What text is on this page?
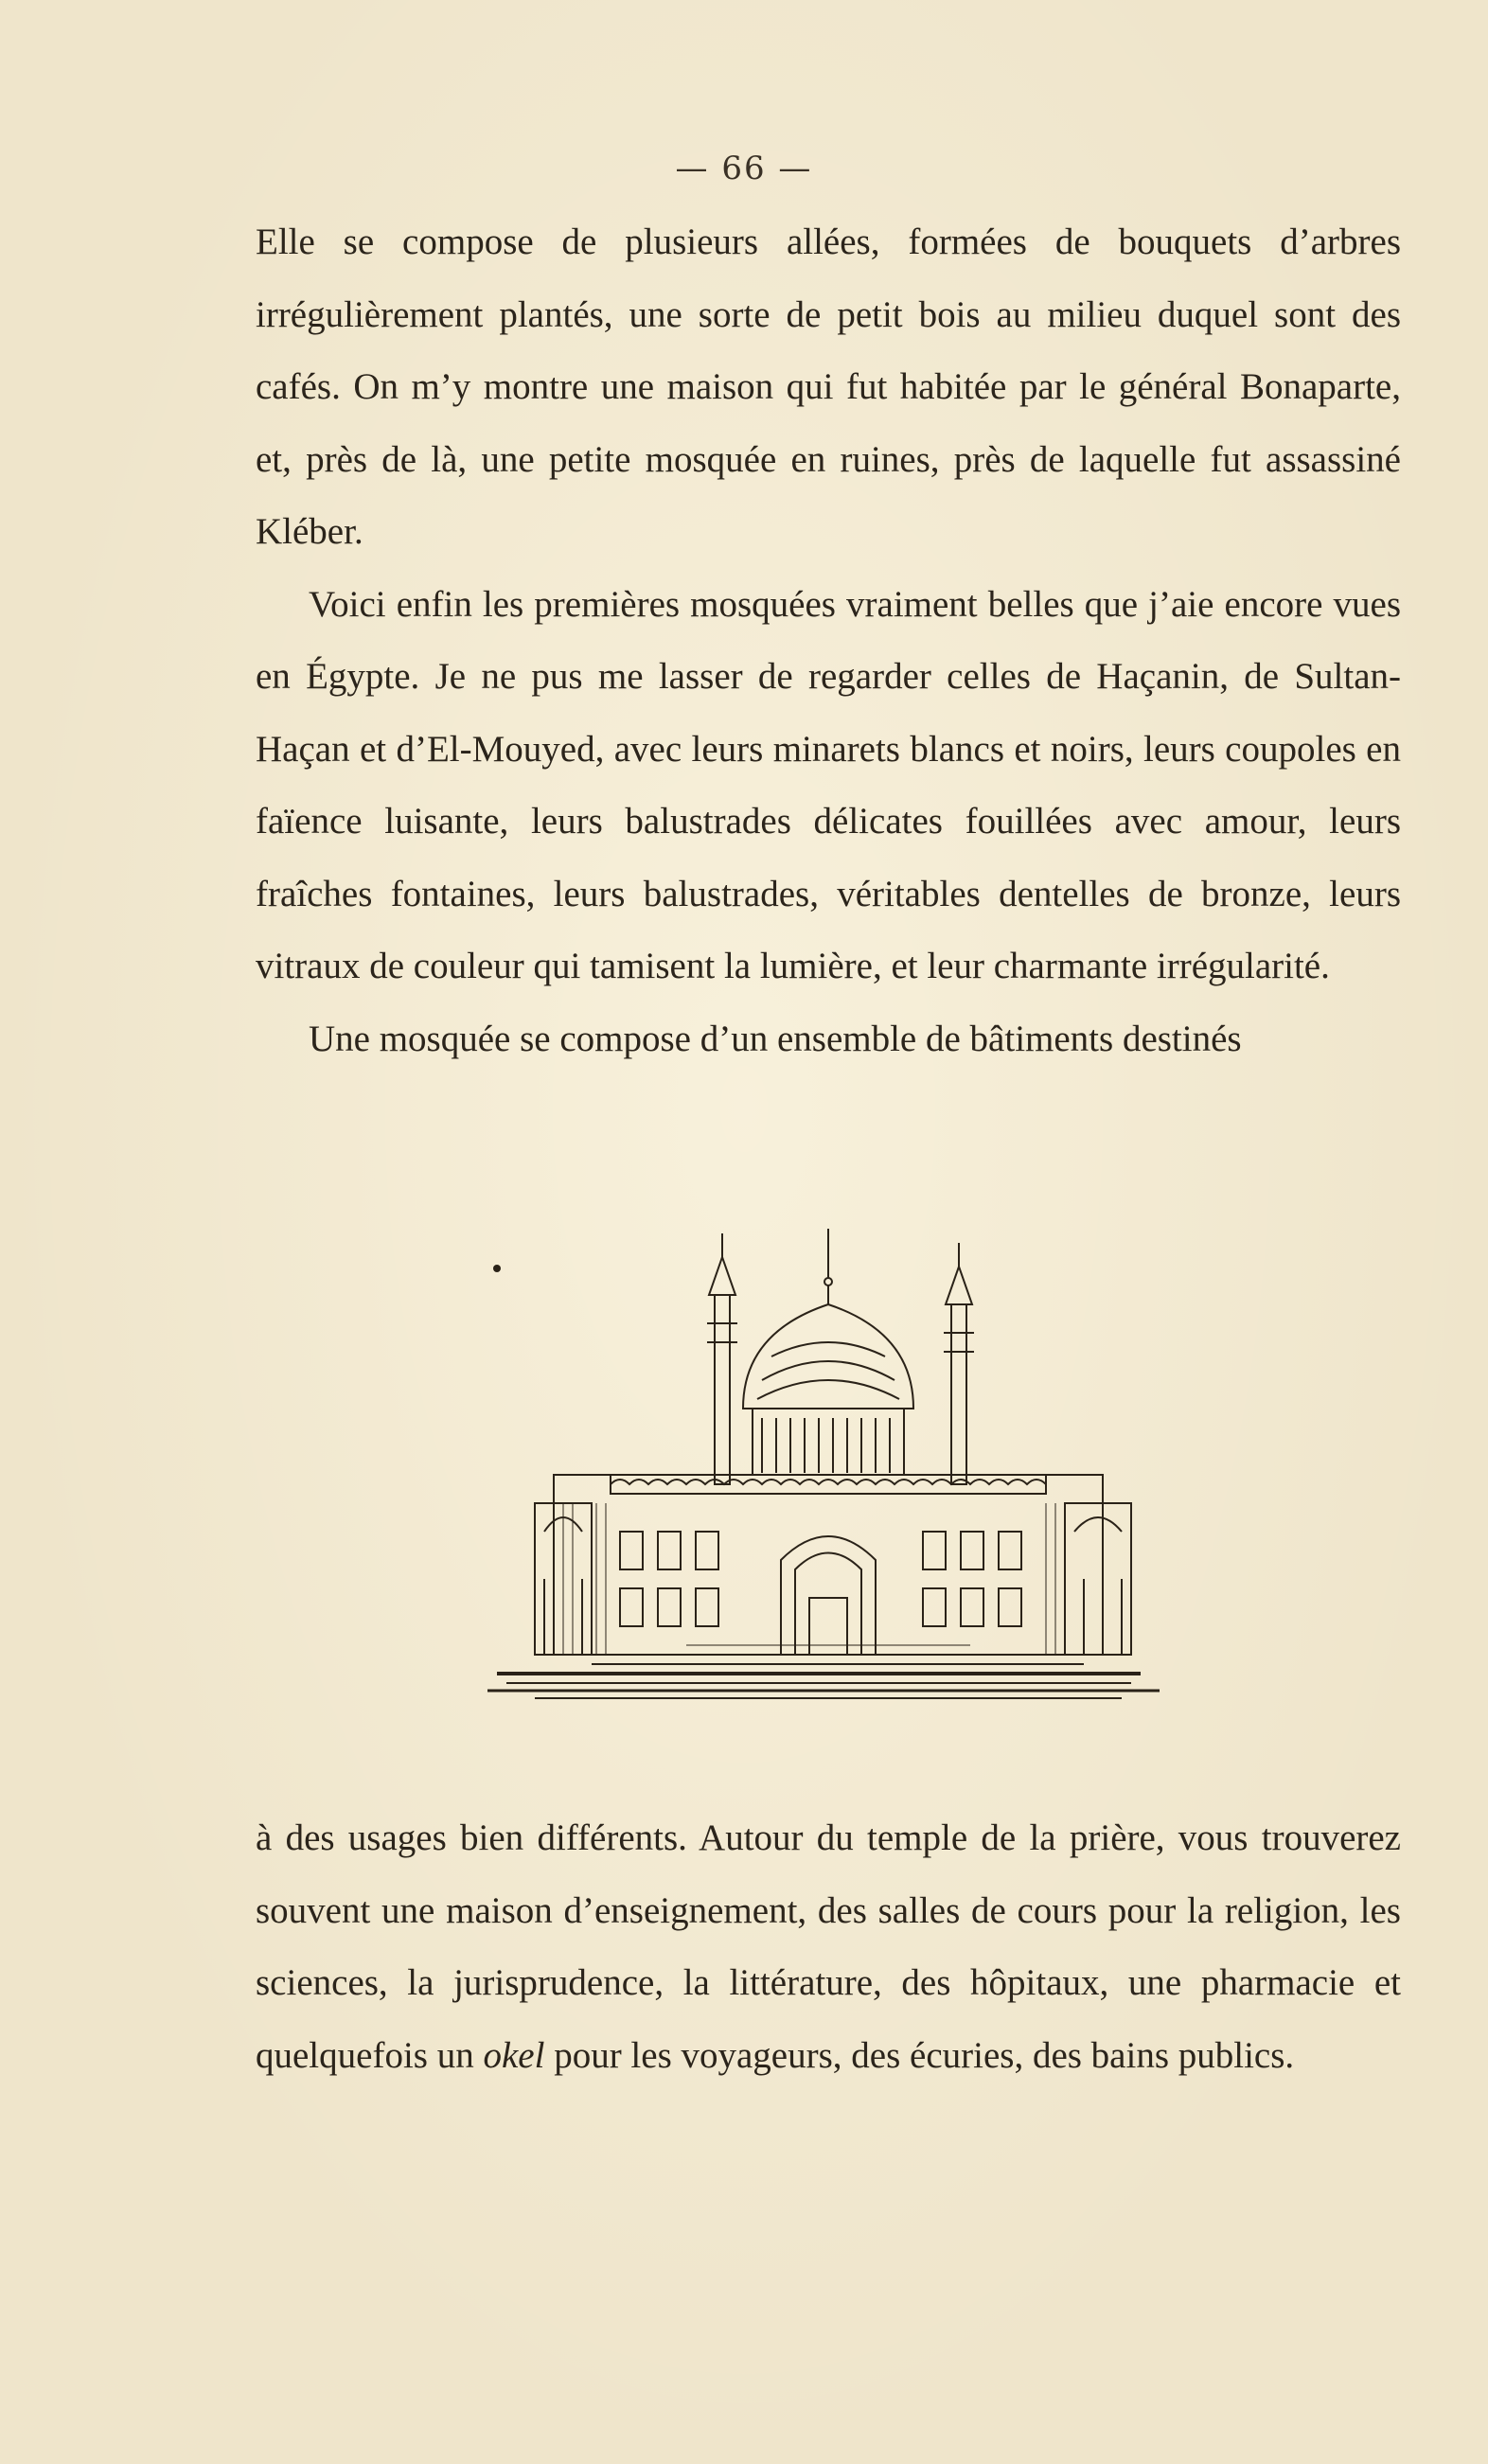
— 66 —

Elle se compose de plusieurs allées, formées de bouquets d’arbres irrégulièrement plantés, une sorte de petit bois au milieu duquel sont des cafés. On m’y montre une maison qui fut habitée par le général Bonaparte, et, près de là, une petite mosquée en ruines, près de laquelle fut assassiné Kléber.

Voici enfin les premières mosquées vraiment belles que j’aie encore vues en Égypte. Je ne pus me lasser de regarder celles de Haçanin, de Sultan-Haçan et d’El-Mouyed, avec leurs minarets blancs et noirs, leurs coupoles en faïence luisante, leurs balustrades délicates fouillées avec amour, leurs fraîches fontaines, leurs balustrades, véritables dentelles de bronze, leurs vitraux de couleur qui tamisent la lumière, et leur charmante irrégularité.

Une mosquée se compose d’un ensemble de bâtiments destinés

à des usages bien différents. Autour du temple de la prière, vous trouverez souvent une maison d’enseignement, des salles de cours pour la religion, les sciences, la jurisprudence, la littérature, des hôpitaux, une pharmacie et quelquefois un okel pour les voyageurs, des écuries, des bains publics.
